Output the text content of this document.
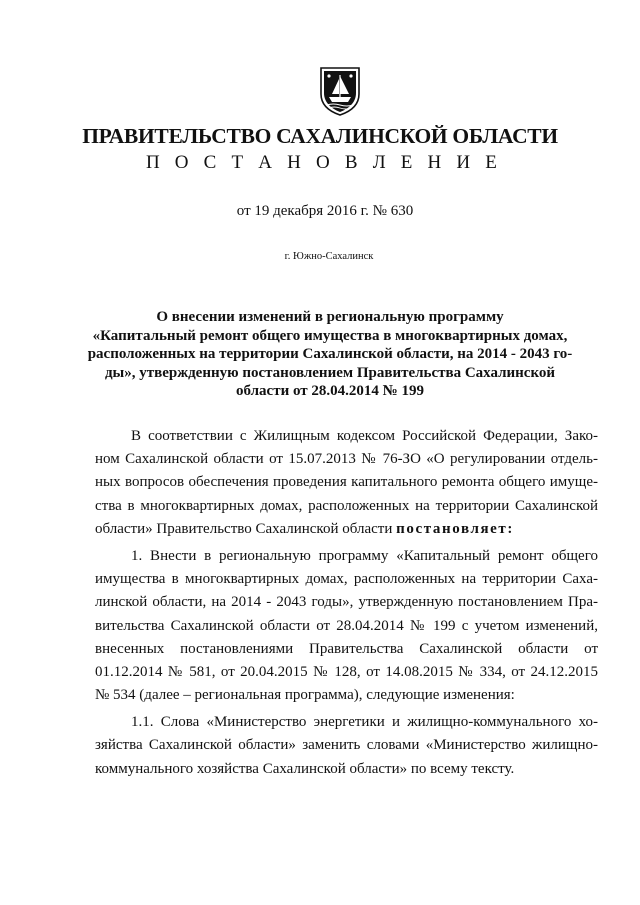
ПРАВИТЕЛЬСТВО САХАЛИНСКОЙ ОБЛАСТИ
П О С Т А Н О В Л Е Н И Е
от 19 декабря 2016 г. № 630
г. Южно-Сахалинск
О внесении изменений в региональную программу
«Капитальный ремонт общего имущества в многоквартирных домах,
расположенных на территории Сахалинской области, на 2014 - 2043 го-
ды», утвержденную постановлением Правительства Сахалинской
области от 28.04.2014 № 199
В соответствии с Жилищным кодексом Российской Федерации, Зако-
ном Сахалинской области от 15.07.2013 № 76-ЗО «О регулировании отдель-
ных вопросов обеспечения проведения капитального ремонта общего имуще-
ства в многоквартирных домах, расположенных на территории Сахалинской
области» Правительство Сахалинской области постановляет:
1. Внести в региональную программу «Капитальный ремонт общего
имущества в многоквартирных домах, расположенных на территории Саха-
линской области, на 2014 - 2043 годы», утвержденную постановлением Пра-
вительства Сахалинской области от 28.04.2014 № 199 с учетом изменений,
внесенных постановлениями Правительства Сахалинской области от
01.12.2014 № 581, от 20.04.2015 № 128, от 14.08.2015 № 334, от 24.12.2015
№ 534 (далее – региональная программа), следующие изменения:
1.1. Слова «Министерство энергетики и жилищно-коммунального хо-
зяйства Сахалинской области» заменить словами «Министерство жилищно-
коммунального хозяйства Сахалинской области» по всему тексту.
